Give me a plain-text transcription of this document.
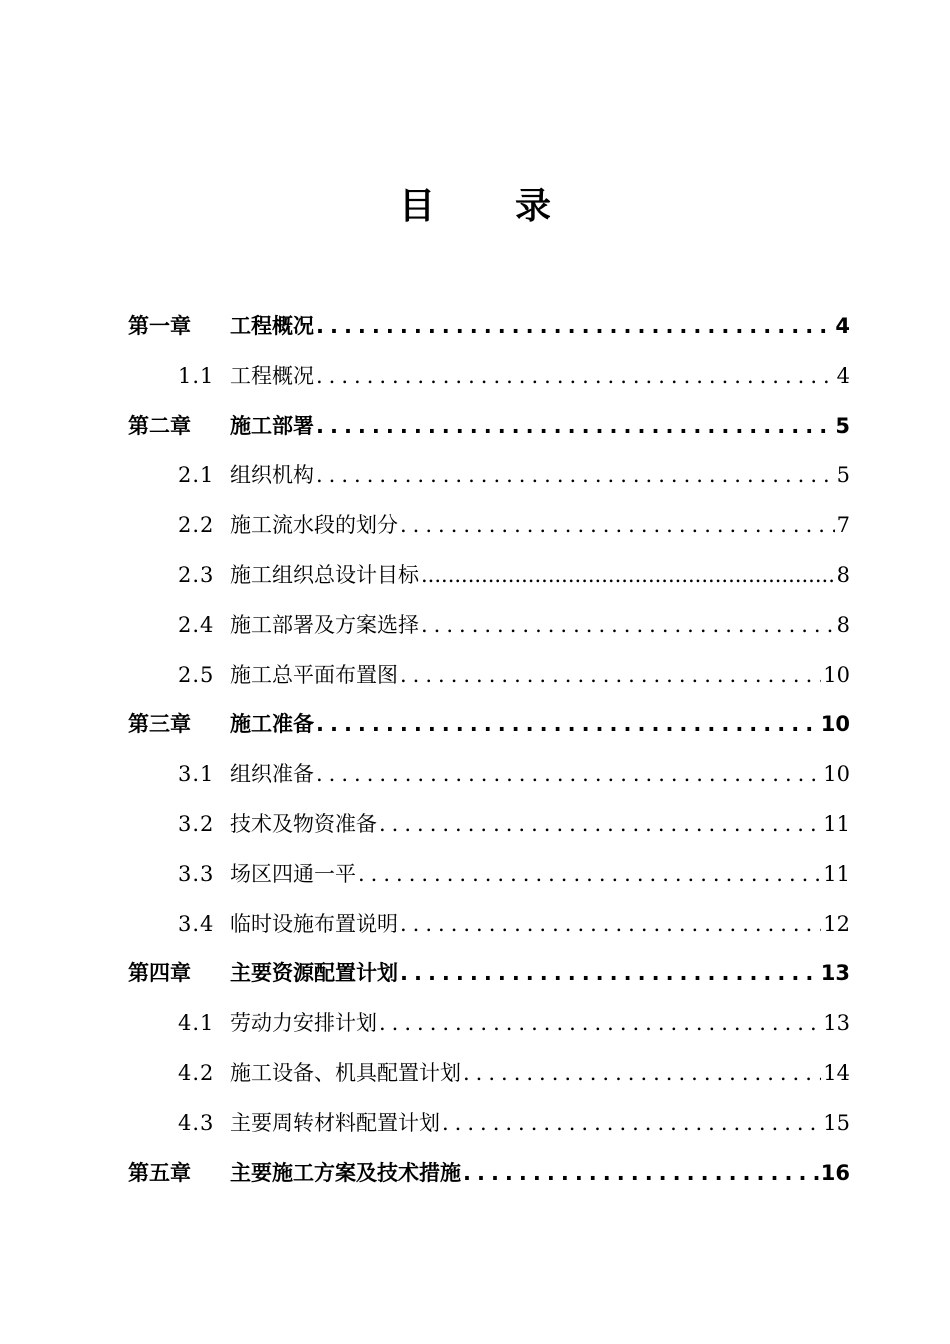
目 录
第一章	工程概况 .....	4
1.1 工程概况 .....	4
第二章	施工部署 .....	5
2.1 组织机构 .....	5
2.2 施工流水段的划分 .....	7
2.3 施工组织总设计目标 .....	8
2.4 施工部署及方案选择 .....	8
2.5 施工总平面布置图 .....	10
第三章	施工准备 .....	10
3.1 组织准备 .....	10
3.2 技术及物资准备 .....	11
3.3 场区四通一平 .....	11
3.4 临时设施布置说明 .....	12
第四章	主要资源配置计划 .....	13
4.1 劳动力安排计划 .....	13
4.2 施工设备、机具配置计划 .....	14
4.3 主要周转材料配置计划 .....	15
第五章	主要施工方案及技术措施 .....	16
